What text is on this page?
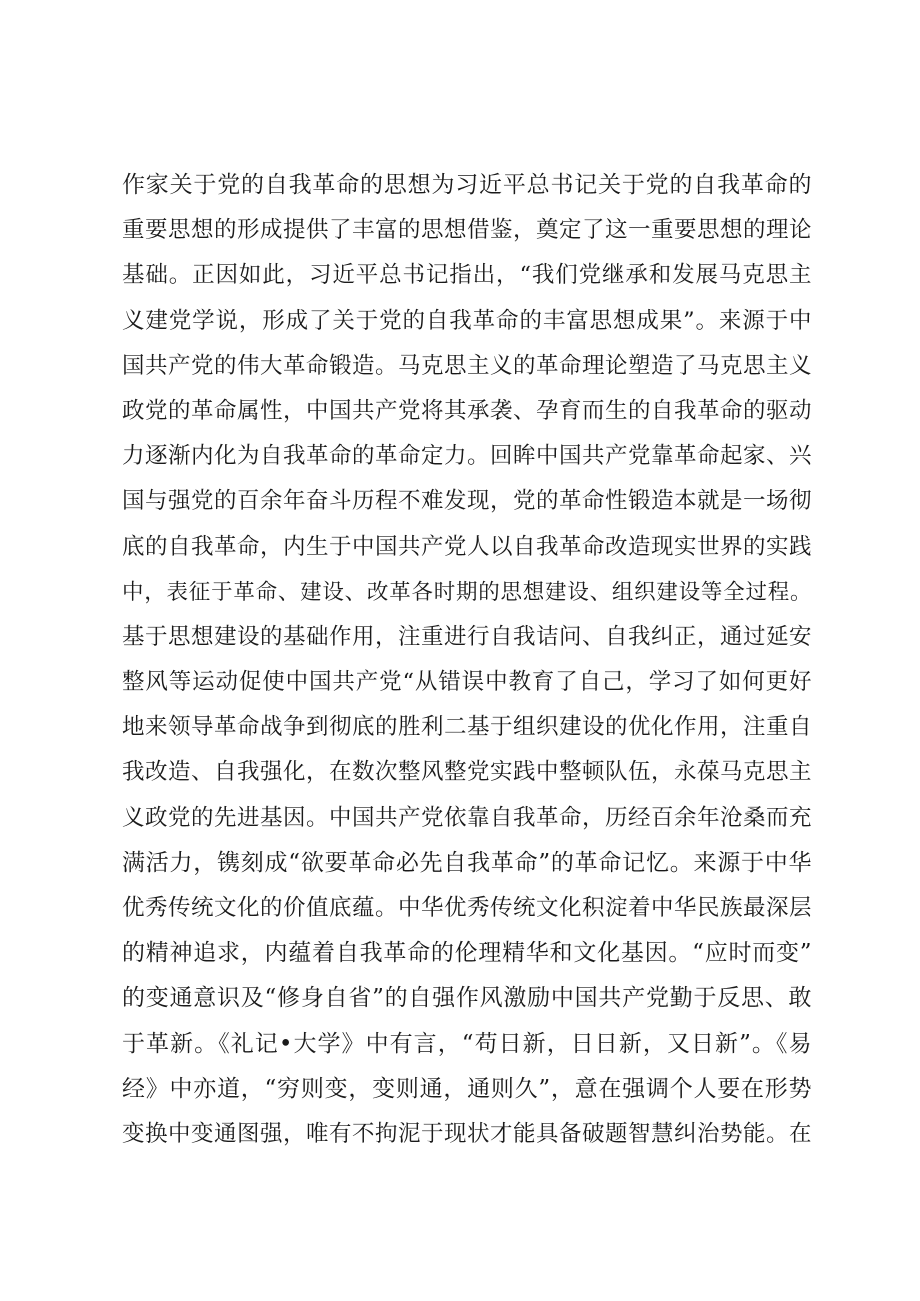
作家关于党的自我革命的思想为习近平总书记关于党的自我革命的
重要思想的形成提供了丰富的思想借鉴，奠定了这一重要思想的理论
基础。正因如此，习近平总书记指出，“我们党继承和发展马克思主
义建党学说，形成了关于党的自我革命的丰富思想成果”。来源于中
国共产党的伟大革命锻造。马克思主义的革命理论塑造了马克思主义
政党的革命属性，中国共产党将其承袭、孕育而生的自我革命的驱动
力逐渐内化为自我革命的革命定力。回眸中国共产党靠革命起家、兴
国与强党的百余年奋斗历程不难发现，党的革命性锻造本就是一场彻
底的自我革命，内生于中国共产党人以自我革命改造现实世界的实践
中，表征于革命、建设、改革各时期的思想建设、组织建设等全过程。
基于思想建设的基础作用，注重进行自我诘问、自我纠正，通过延安
整风等运动促使中国共产党“从错误中教育了自己，学习了如何更好
地来领导革命战争到彻底的胜利二基于组织建设的优化作用，注重自
我改造、自我强化，在数次整风整党实践中整顿队伍，永葆马克思主
义政党的先进基因。中国共产党依靠自我革命，历经百余年沧桑而充
满活力，镌刻成“欲要革命必先自我革命”的革命记忆。来源于中华
优秀传统文化的价值底蕴。中华优秀传统文化积淀着中华民族最深层
的精神追求，内蕴着自我革命的伦理精华和文化基因。“应时而变”
的变通意识及“修身自省”的自强作风激励中国共产党勤于反思、敢
于革新。《礼记•大学》中有言，“苟日新，日日新，又日新”。《易
经》中亦道，“穷则变，变则通，通则久”，意在强调个人要在形势
变换中变通图强，唯有不拘泥于现状才能具备破题智慧纠治势能。在
